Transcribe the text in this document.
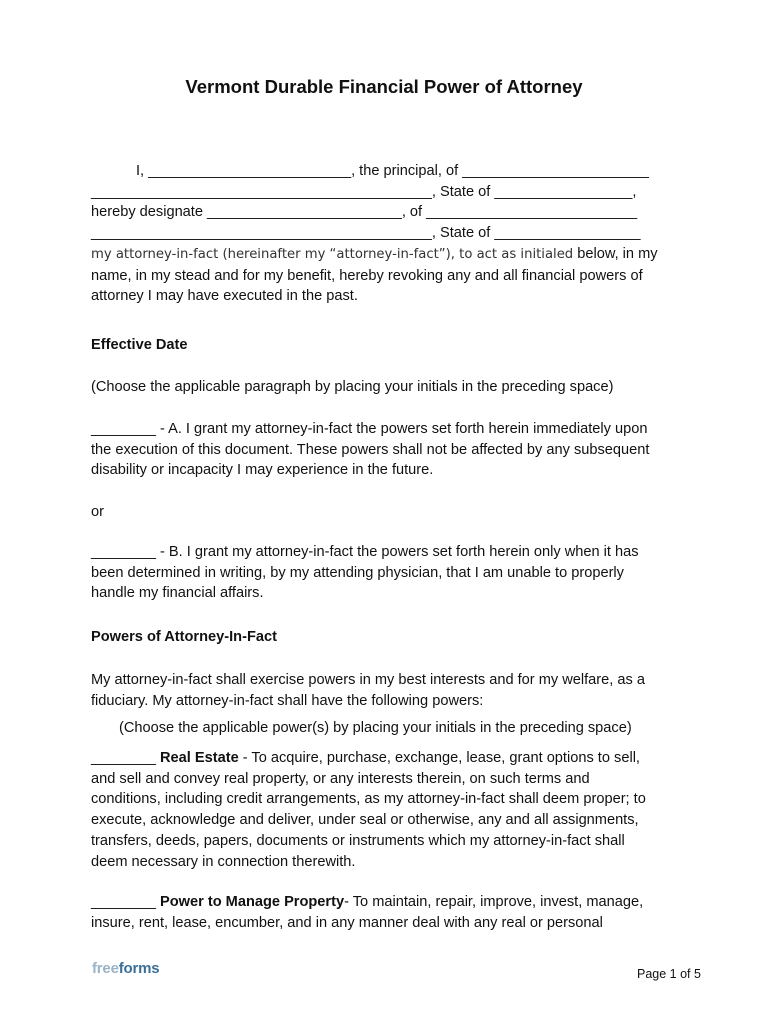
Vermont Durable Financial Power of Attorney
I, _________________________, the principal, of _______________________
__________________________________________, State of _________________,
hereby designate ________________________, of __________________________
__________________________________________, State of __________________
my attorney-in-fact (hereinafter my “attorney-in-fact”), to act as initialed below, in my
name, in my stead and for my benefit, hereby revoking any and all financial powers of
attorney I may have executed in the past.
Effective Date
(Choose the applicable paragraph by placing your initials in the preceding space)
________ - A. I grant my attorney-in-fact the powers set forth herein immediately upon
the execution of this document. These powers shall not be affected by any subsequent
disability or incapacity I may experience in the future.
or
________ - B. I grant my attorney-in-fact the powers set forth herein only when it has
been determined in writing, by my attending physician, that I am unable to properly
handle my financial affairs.
Powers of Attorney-In-Fact
My attorney-in-fact shall exercise powers in my best interests and for my welfare, as a
fiduciary. My attorney-in-fact shall have the following powers:
(Choose the applicable power(s) by placing your initials in the preceding space)
________ Real Estate - To acquire, purchase, exchange, lease, grant options to sell,
and sell and convey real property, or any interests therein, on such terms and
conditions, including credit arrangements, as my attorney-in-fact shall deem proper; to
execute, acknowledge and deliver, under seal or otherwise, any and all assignments,
transfers, deeds, papers, documents or instruments which my attorney-in-fact shall
deem necessary in connection therewith.
________ Power to Manage Property- To maintain, repair, improve, invest, manage,
insure, rent, lease, encumber, and in any manner deal with any real or personal
freeforms	Page 1 of 5
